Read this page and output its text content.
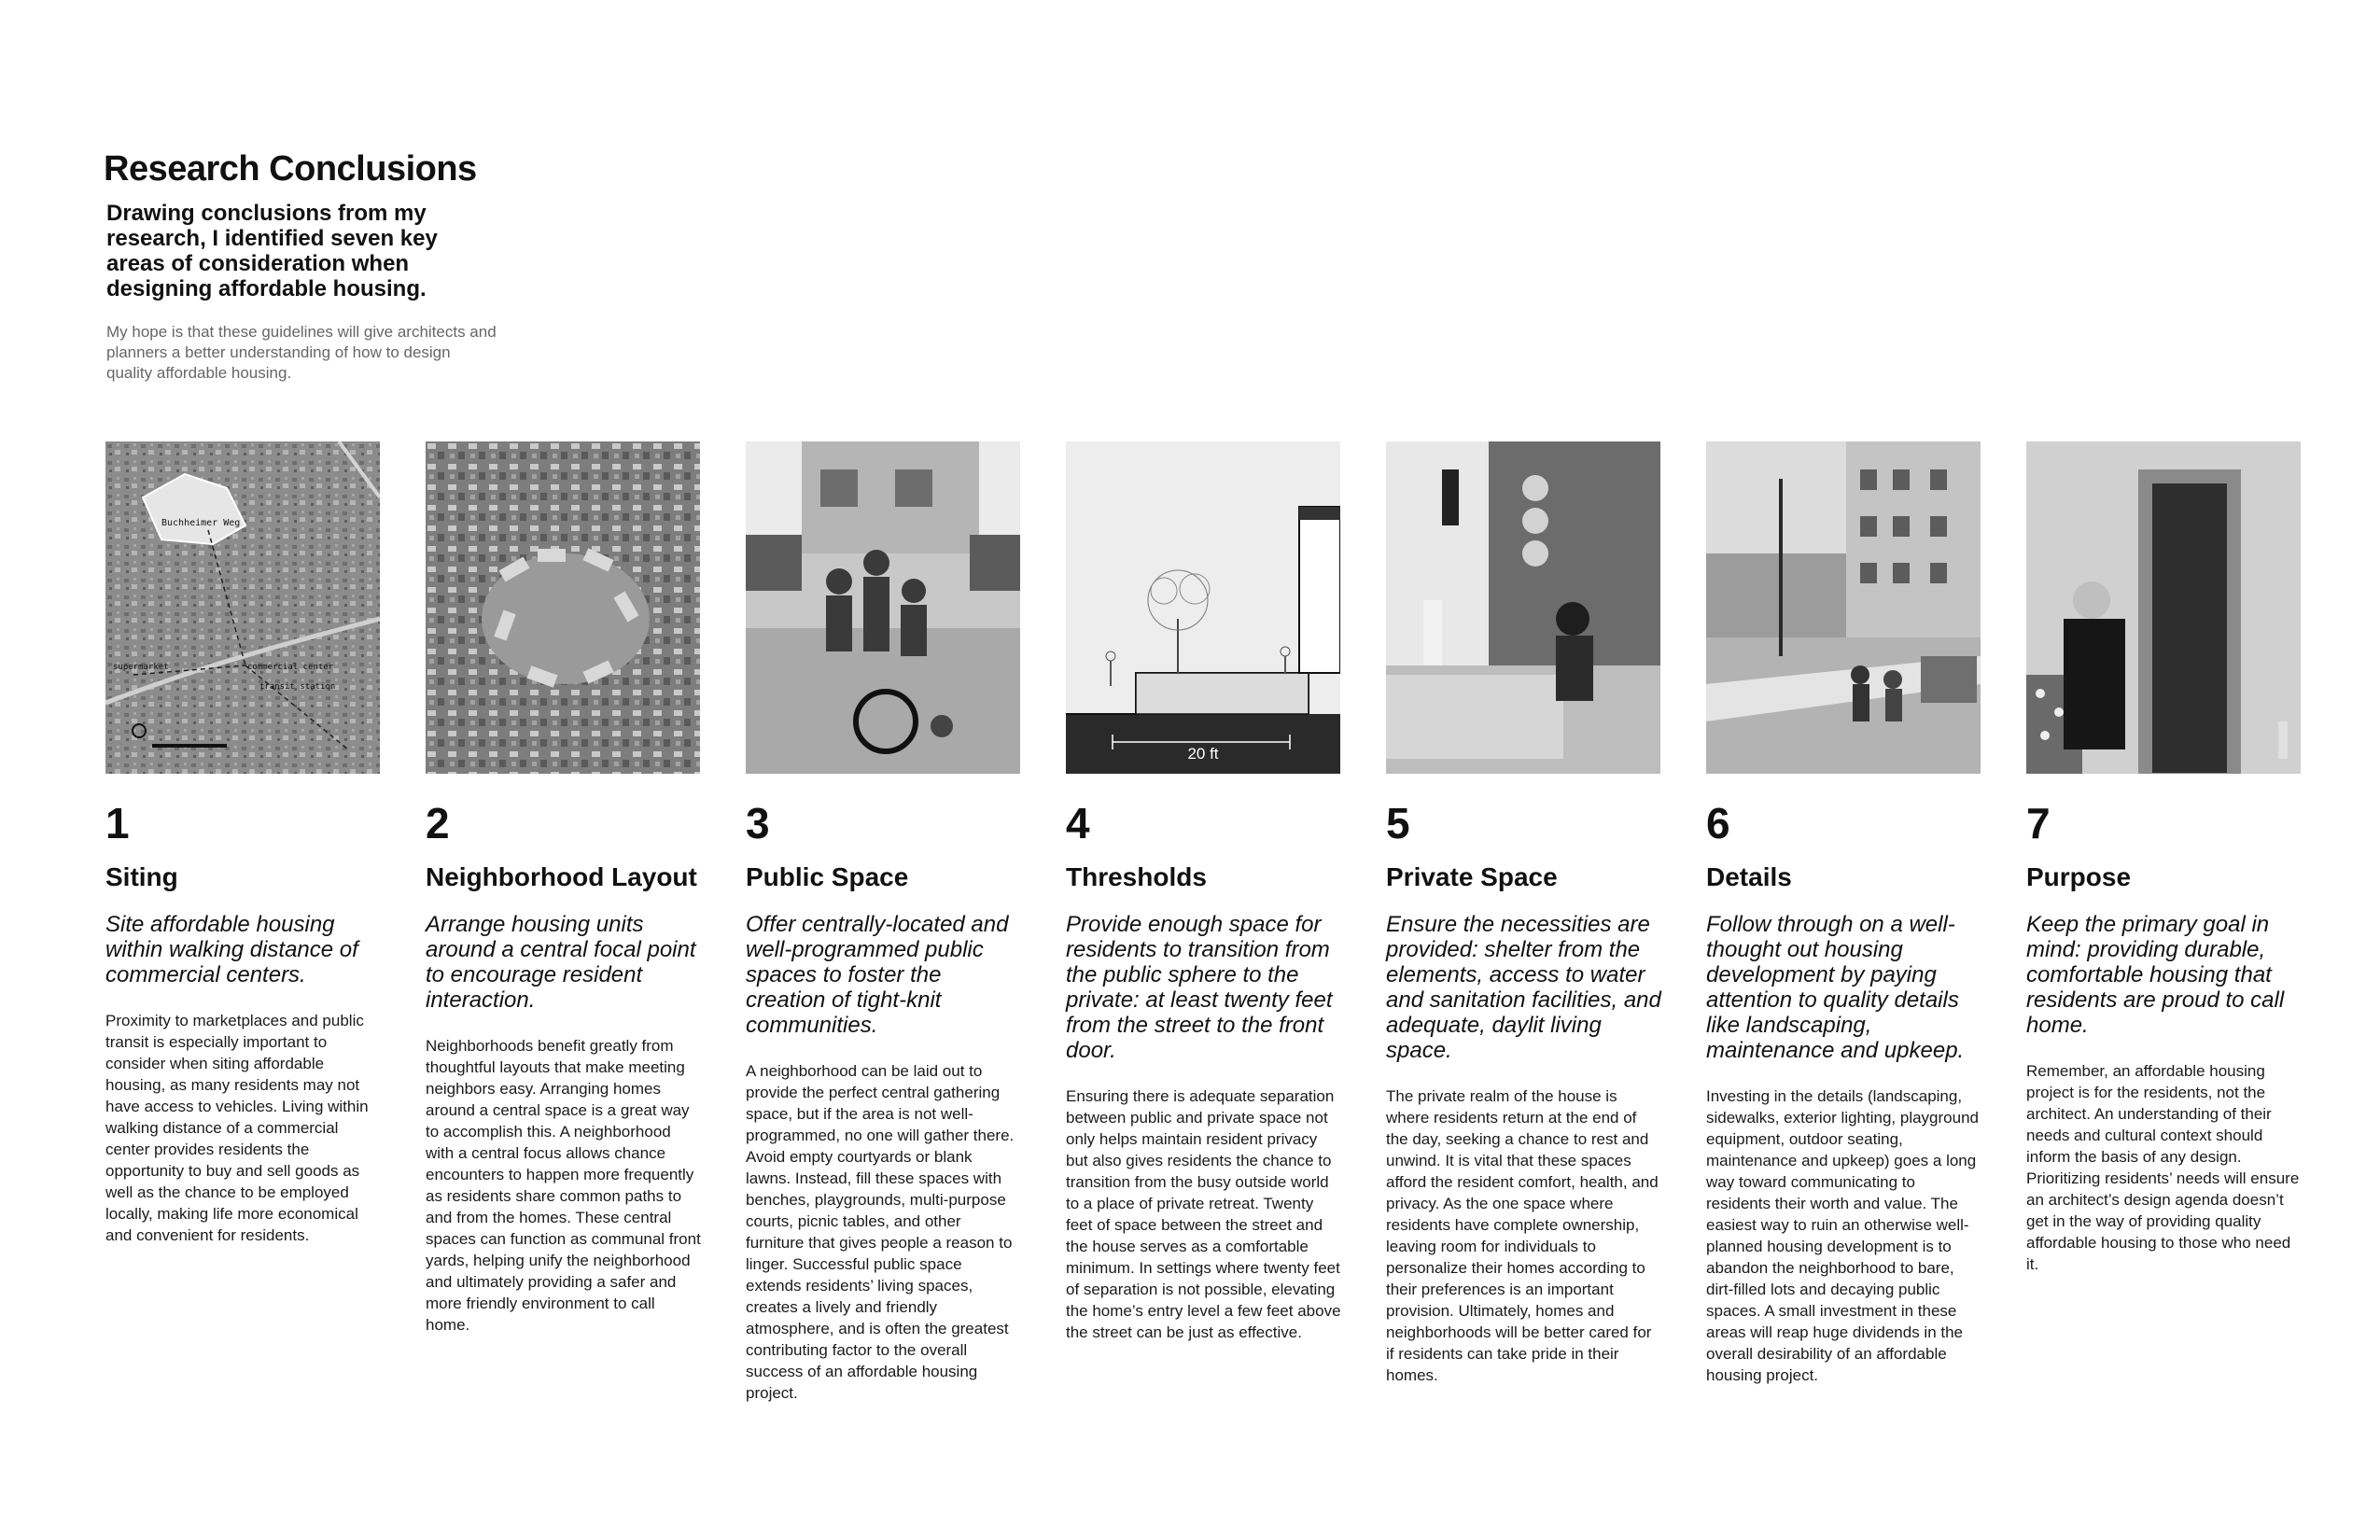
Research Conclusions
Drawing conclusions from my research, I identified seven key areas of consideration when designing affordable housing.
My hope is that these guidelines will give architects and planners a better understanding of how to design quality affordable housing.
Buchheimer Weg
supermarket	commercial center
transit station
1
Siting
Site affordable housing within walking distance of commercial centers.
Proximity to marketplaces and public transit is especially important to consider when siting affordable housing, as many residents may not have access to vehicles. Living within walking distance of a commercial center provides residents the opportunity to buy and sell goods as well as the chance to be employed locally, making life more economical and convenient for residents.
2
Neighborhood Layout
Arrange housing units around a central focal point to encourage resident interaction.
Neighborhoods benefit greatly from thoughtful layouts that make meeting neighbors easy. Arranging homes around a central space is a great way to accomplish this. A neighborhood with a central focus allows chance encounters to happen more frequently as residents share common paths to and from the homes. These central spaces can function as communal front yards, helping unify the neighborhood and ultimately providing a safer and more friendly environment to call home.
3
Public Space
Offer centrally-located and well-programmed public spaces to foster the creation of tight-knit communities.
A neighborhood can be laid out to provide the perfect central gathering space, but if the area is not well-programmed, no one will gather there. Avoid empty courtyards or blank lawns. Instead, fill these spaces with benches, playgrounds, multi-purpose courts, picnic tables, and other furniture that gives people a reason to linger. Successful public space extends residents’ living spaces, creates a lively and friendly atmosphere, and is often the greatest contributing factor to the overall success of an affordable housing project.
20 ft
4
Thresholds
Provide enough space for residents to transition from the public sphere to the private: at least twenty feet from the street to the front door.
Ensuring there is adequate separation between public and private space not only helps maintain resident privacy but also gives residents the chance to transition from the busy outside world to a place of private retreat. Twenty feet of space between the street and the house serves as a comfortable minimum. In settings where twenty feet of separation is not possible, elevating the home’s entry level a few feet above the street can be just as effective.
5
Private Space
Ensure the necessities are provided: shelter from the elements, access to water and sanitation facilities, and adequate, daylit living space.
The private realm of the house is where residents return at the end of the day, seeking a chance to rest and unwind. It is vital that these spaces afford the resident comfort, health, and privacy. As the one space where residents have complete ownership, leaving room for individuals to personalize their homes according to their preferences is an important provision. Ultimately, homes and neighborhoods will be better cared for if residents can take pride in their homes.
6
Details
Follow through on a well-thought out housing development by paying attention to quality details like landscaping, maintenance and upkeep.
Investing in the details (landscaping, sidewalks, exterior lighting, playground equipment, outdoor seating, maintenance and upkeep) goes a long way toward communicating to residents their worth and value. The easiest way to ruin an otherwise well-planned housing development is to abandon the neighborhood to bare, dirt-filled lots and decaying public spaces. A small investment in these areas will reap huge dividends in the overall desirability of an affordable housing project.
7
Purpose
Keep the primary goal in mind: providing durable, comfortable housing that residents are proud to call home.
Remember, an affordable housing project is for the residents, not the architect. An understanding of their needs and cultural context should inform the basis of any design. Prioritizing residents’ needs will ensure an architect’s design agenda doesn’t get in the way of providing quality affordable housing to those who need it.
